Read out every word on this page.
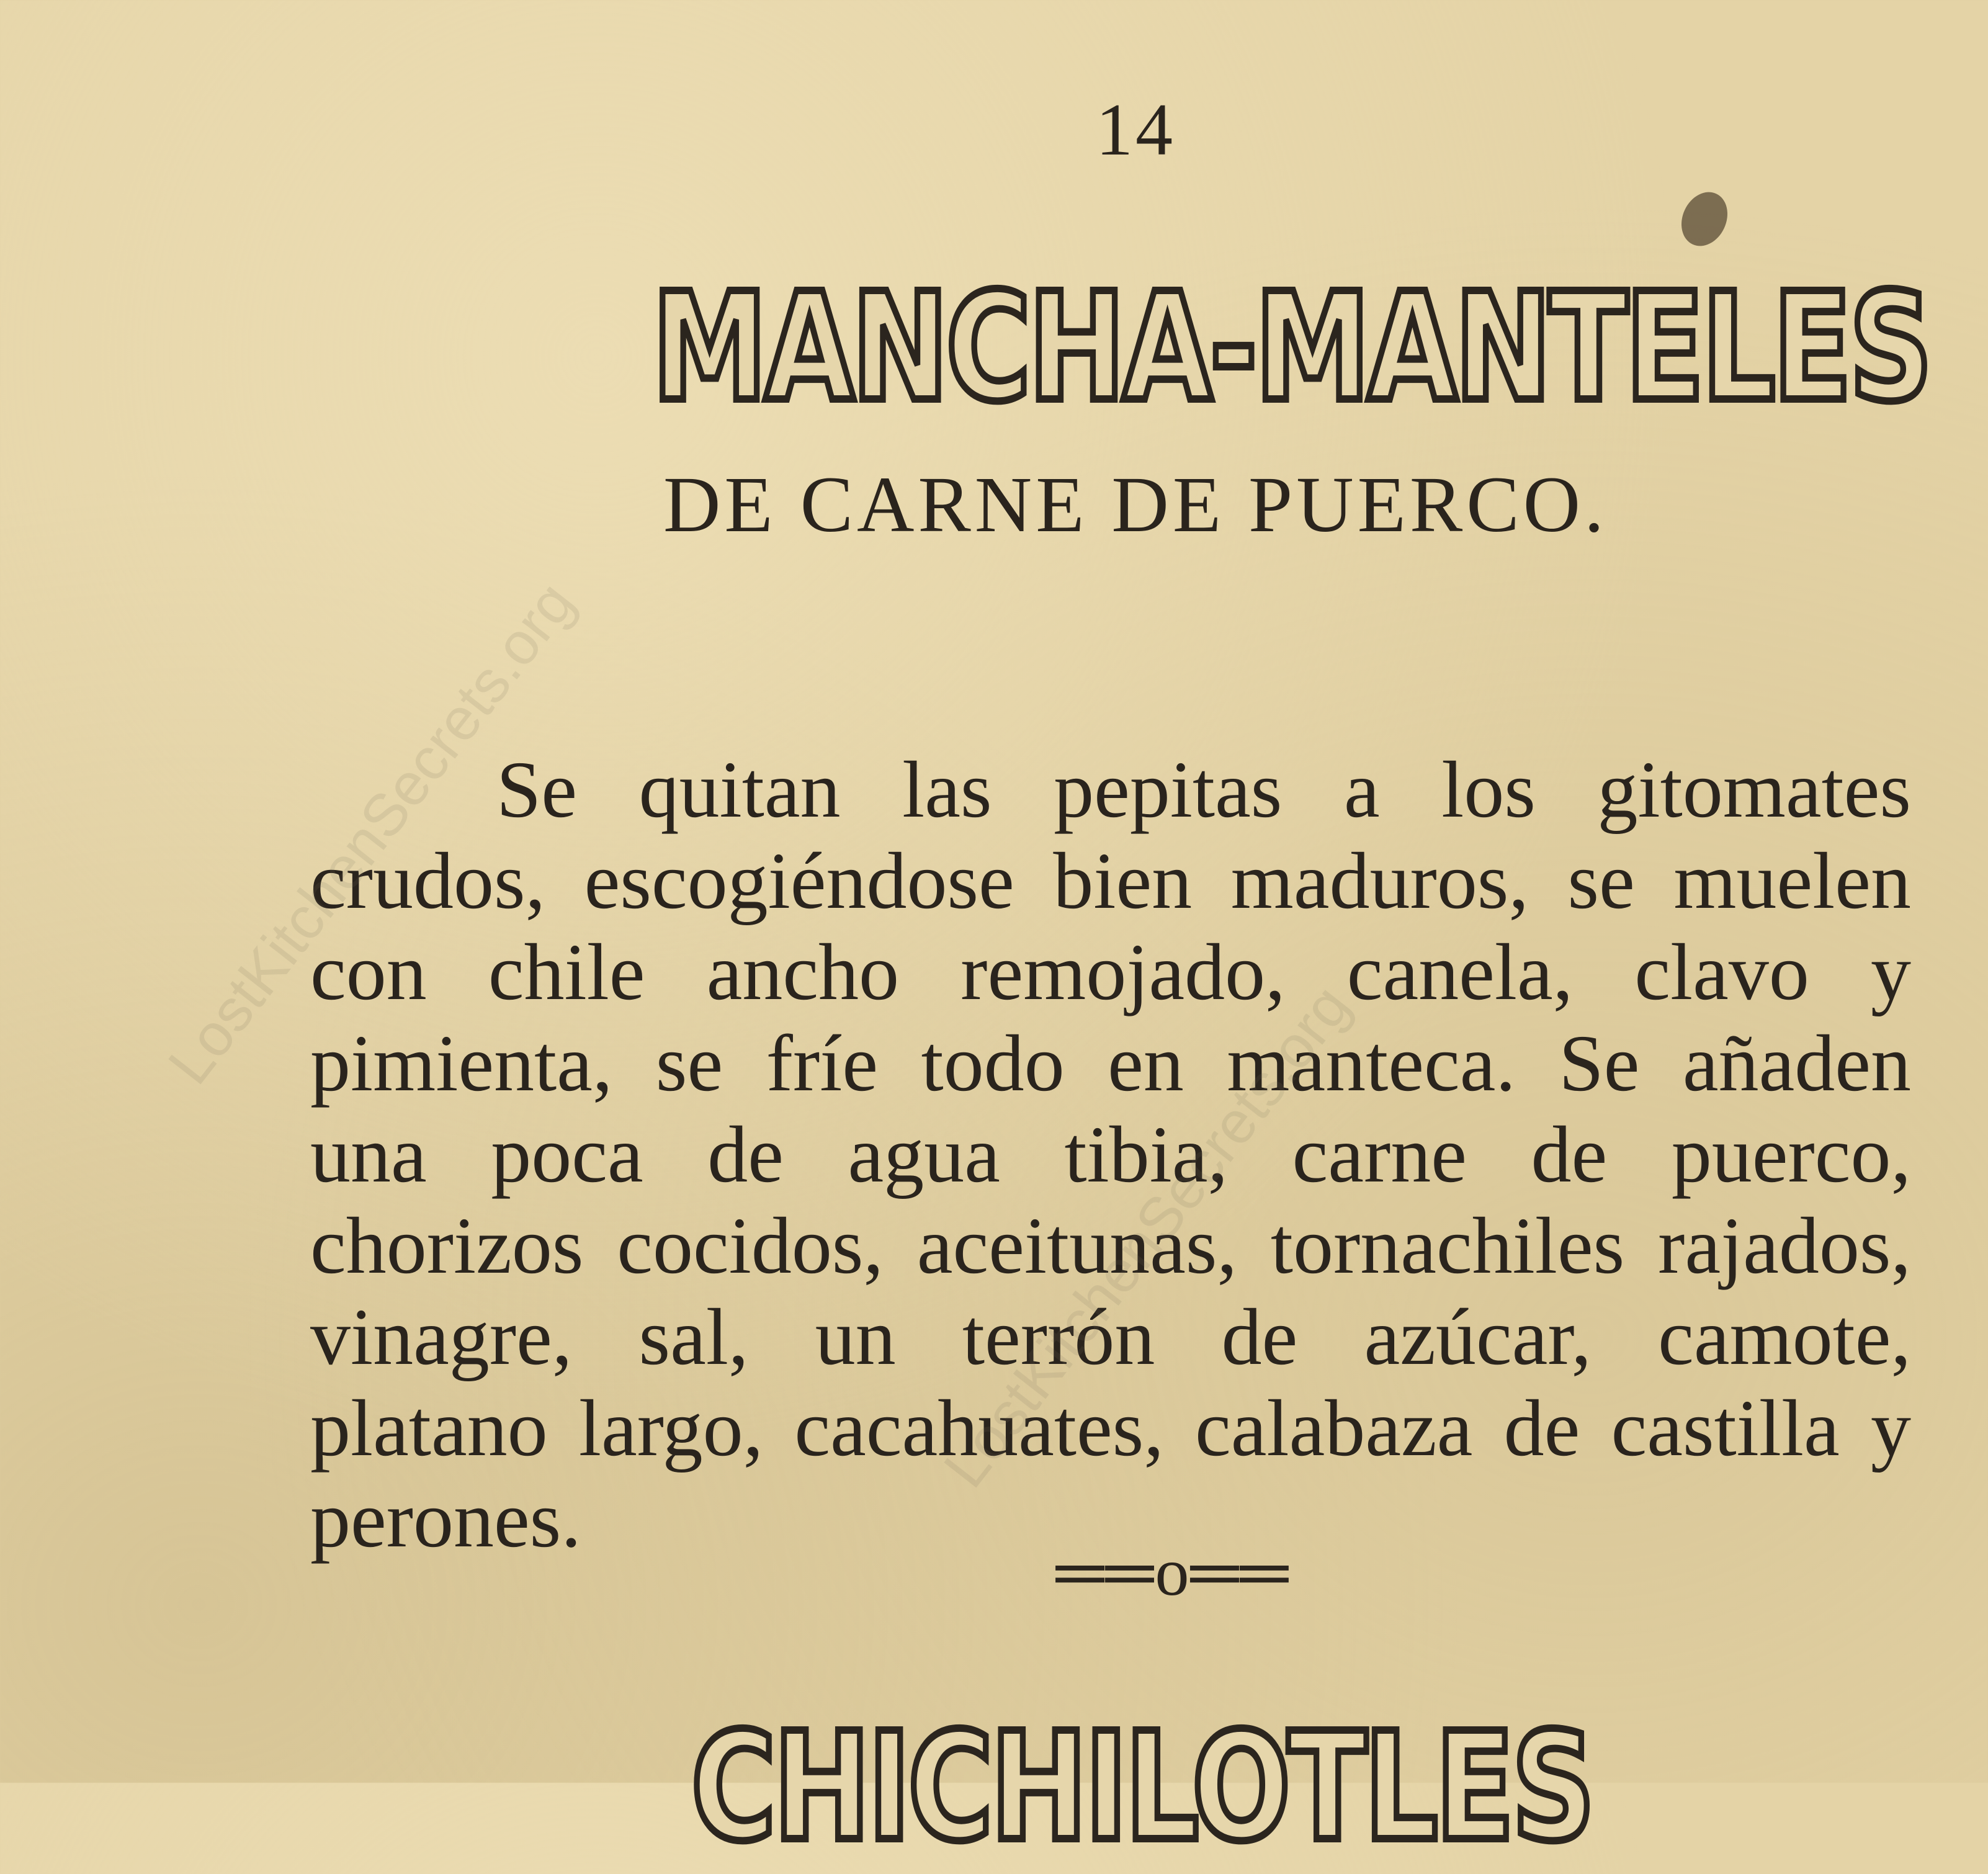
14
MANCHA-MANTELES
DE CARNE DE PUERCO.

Se quitan las pepitas a los gitomates crudos, escogiéndose bien maduros, se muelen con chile ancho remojado, canela, clavo y pimienta, se fríe todo en manteca. Se añaden una poca de agua tibia, carne de puerco, chorizos cocidos, aceitunas, tornachiles rajados, vinagre, sal, un terrón de azúcar, camote, platano largo, cacahuates, calabaza de castilla y perones.

══o══
CHICHILOTLES
LostKitchenSecrets.org
LostKitchenSecrets.org
